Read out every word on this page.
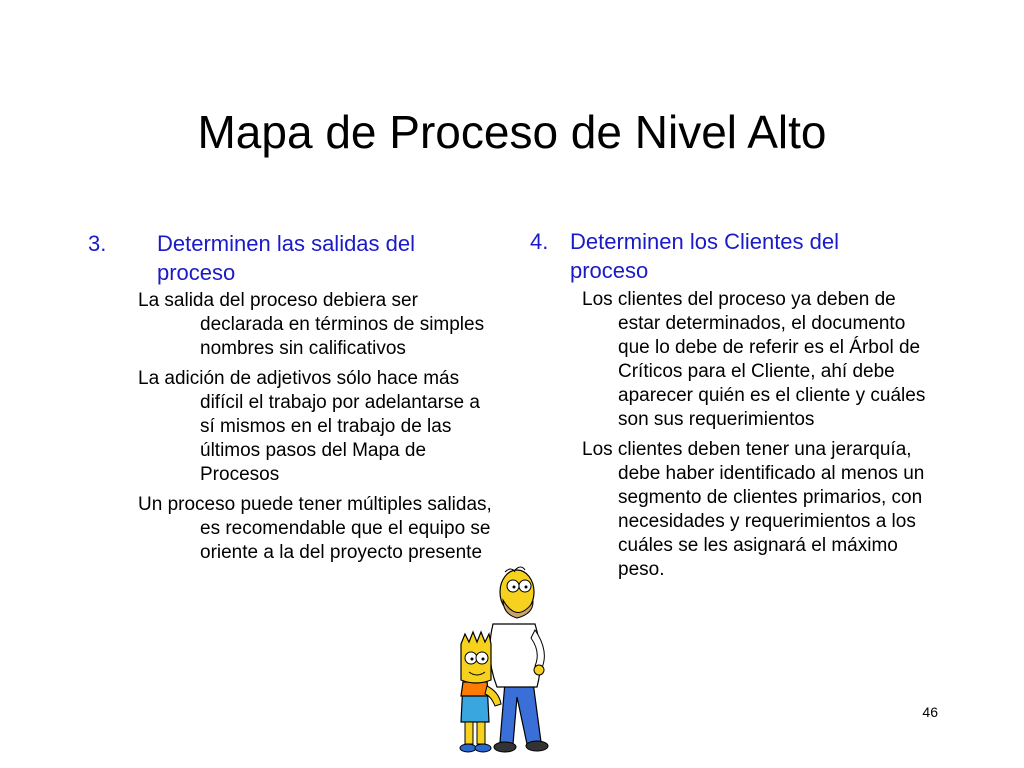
Mapa de Proceso de Nivel Alto
3.	Determinen las salidas del proceso
La salida del proceso debiera ser declarada en términos de simples nombres sin calificativos
La adición de adjetivos sólo hace más difícil el trabajo por adelantarse a sí mismos en el trabajo de las últimos pasos del Mapa de Procesos
Un proceso puede tener múltiples salidas, es recomendable que el equipo se oriente a la del proyecto presente
4. Determinen los Clientes del proceso
Los clientes del proceso ya deben de estar determinados, el documento que lo debe de referir es el Árbol de Críticos para el Cliente, ahí debe aparecer quién es el cliente y cuáles son sus requerimientos
Los clientes deben tener una jerarquía, debe haber identificado al menos un segmento de clientes primarios, con necesidades y requerimientos a los cuáles se les asignará el máximo peso.
46
